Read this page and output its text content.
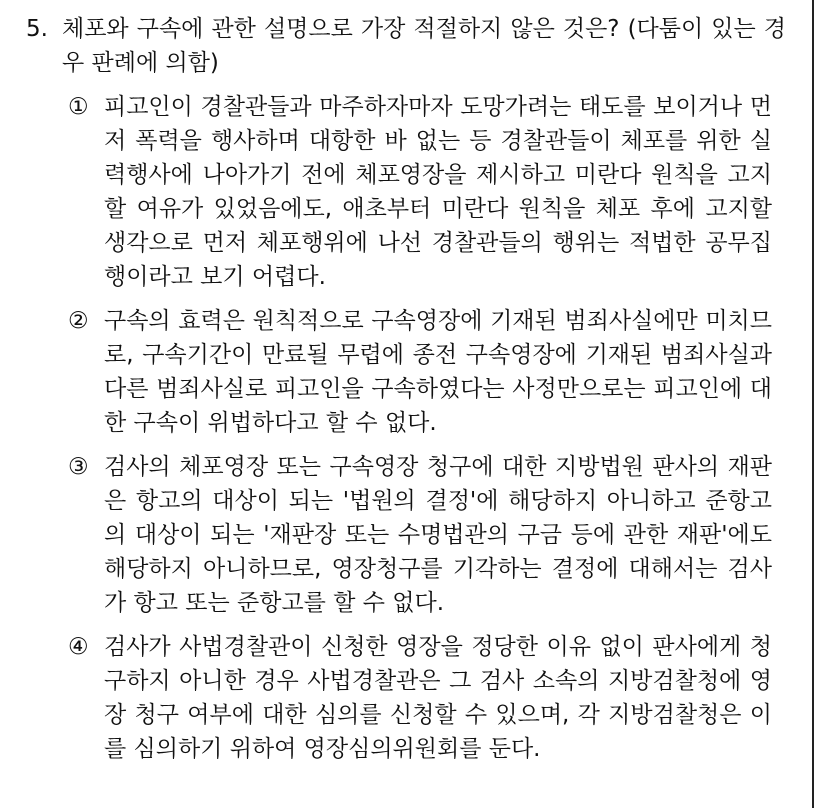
5. 체포와 구속에 관한 설명으로 가장 적절하지 않은 것은? (다툼이 있는 경우 판례에 의함)
① 피고인이 경찰관들과 마주하자마자 도망가려는 태도를 보이거나 먼저 폭력을 행사하며 대항한 바 없는 등 경찰관들이 체포를 위한 실력행사에 나아가기 전에 체포영장을 제시하고 미란다 원칙을 고지할 여유가 있었음에도, 애초부터 미란다 원칙을 체포 후에 고지할 생각으로 먼저 체포행위에 나선 경찰관들의 행위는 적법한 공무집행이라고 보기 어렵다.
② 구속의 효력은 원칙적으로 구속영장에 기재된 범죄사실에만 미치므로, 구속기간이 만료될 무렵에 종전 구속영장에 기재된 범죄사실과 다른 범죄사실로 피고인을 구속하였다는 사정만으로는 피고인에 대한 구속이 위법하다고 할 수 없다.
③ 검사의 체포영장 또는 구속영장 청구에 대한 지방법원 판사의 재판은 항고의 대상이 되는 '법원의 결정'에 해당하지 아니하고 준항고의 대상이 되는 '재판장 또는 수명법관의 구금 등에 관한 재판'에도 해당하지 아니하므로, 영장청구를 기각하는 결정에 대해서는 검사가 항고 또는 준항고를 할 수 없다.
④ 검사가 사법경찰관이 신청한 영장을 정당한 이유 없이 판사에게 청구하지 아니한 경우 사법경찰관은 그 검사 소속의 지방검찰청에 영장 청구 여부에 대한 심의를 신청할 수 있으며, 각 지방검찰청은 이를 심의하기 위하여 영장심의위원회를 둔다.
